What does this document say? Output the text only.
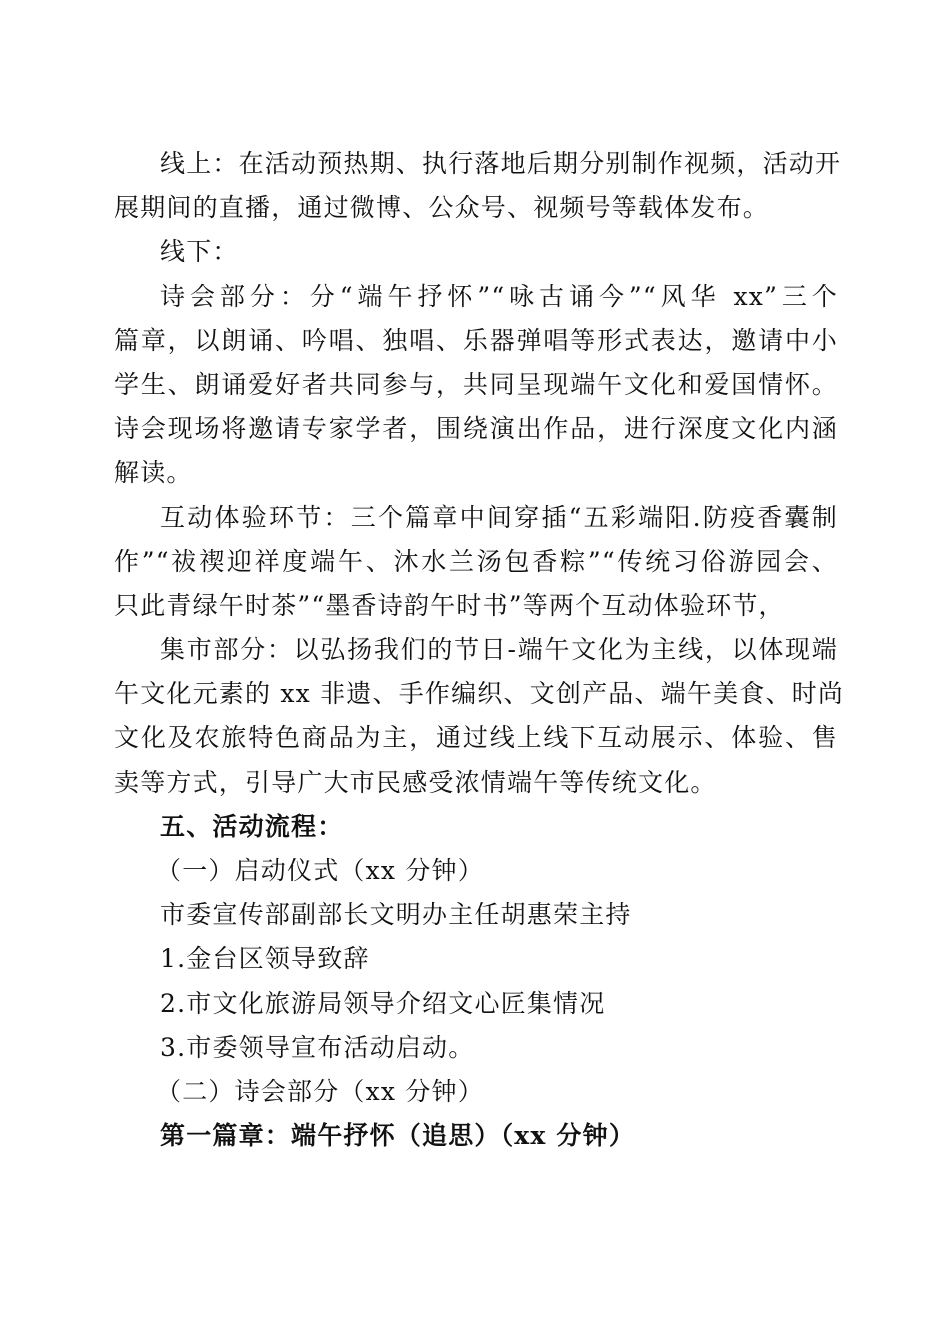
线上：在活动预热期、执行落地后期分别制作视频，活动开
展期间的直播，通过微博、公众号、视频号等载体发布。
线下：
诗会部分：分“端午抒怀”“咏古诵今”“风华 xx”三个
篇章，以朗诵、吟唱、独唱、乐器弹唱等形式表达，邀请中小
学生、朗诵爱好者共同参与，共同呈现端午文化和爱国情怀。
诗会现场将邀请专家学者，围绕演出作品，进行深度文化内涵
解读。
互动体验环节：三个篇章中间穿插“五彩端阳.防疫香囊制
作”“祓禊迎祥度端午、沐水兰汤包香粽”“传统习俗游园会、
只此青绿午时茶”“墨香诗韵午时书”等两个互动体验环节，
集市部分：以弘扬我们的节日-端午文化为主线，以体现端
午文化元素的 xx 非遗、手作编织、文创产品、端午美食、时尚
文化及农旅特色商品为主，通过线上线下互动展示、体验、售
卖等方式，引导广大市民感受浓情端午等传统文化。
五、活动流程：
（一）启动仪式（xx 分钟）
市委宣传部副部长文明办主任胡惠荣主持
1.金台区领导致辞
2.市文化旅游局领导介绍文心匠集情况
3.市委领导宣布活动启动。
（二）诗会部分（xx 分钟）
第一篇章：端午抒怀（追思）（xx 分钟）
